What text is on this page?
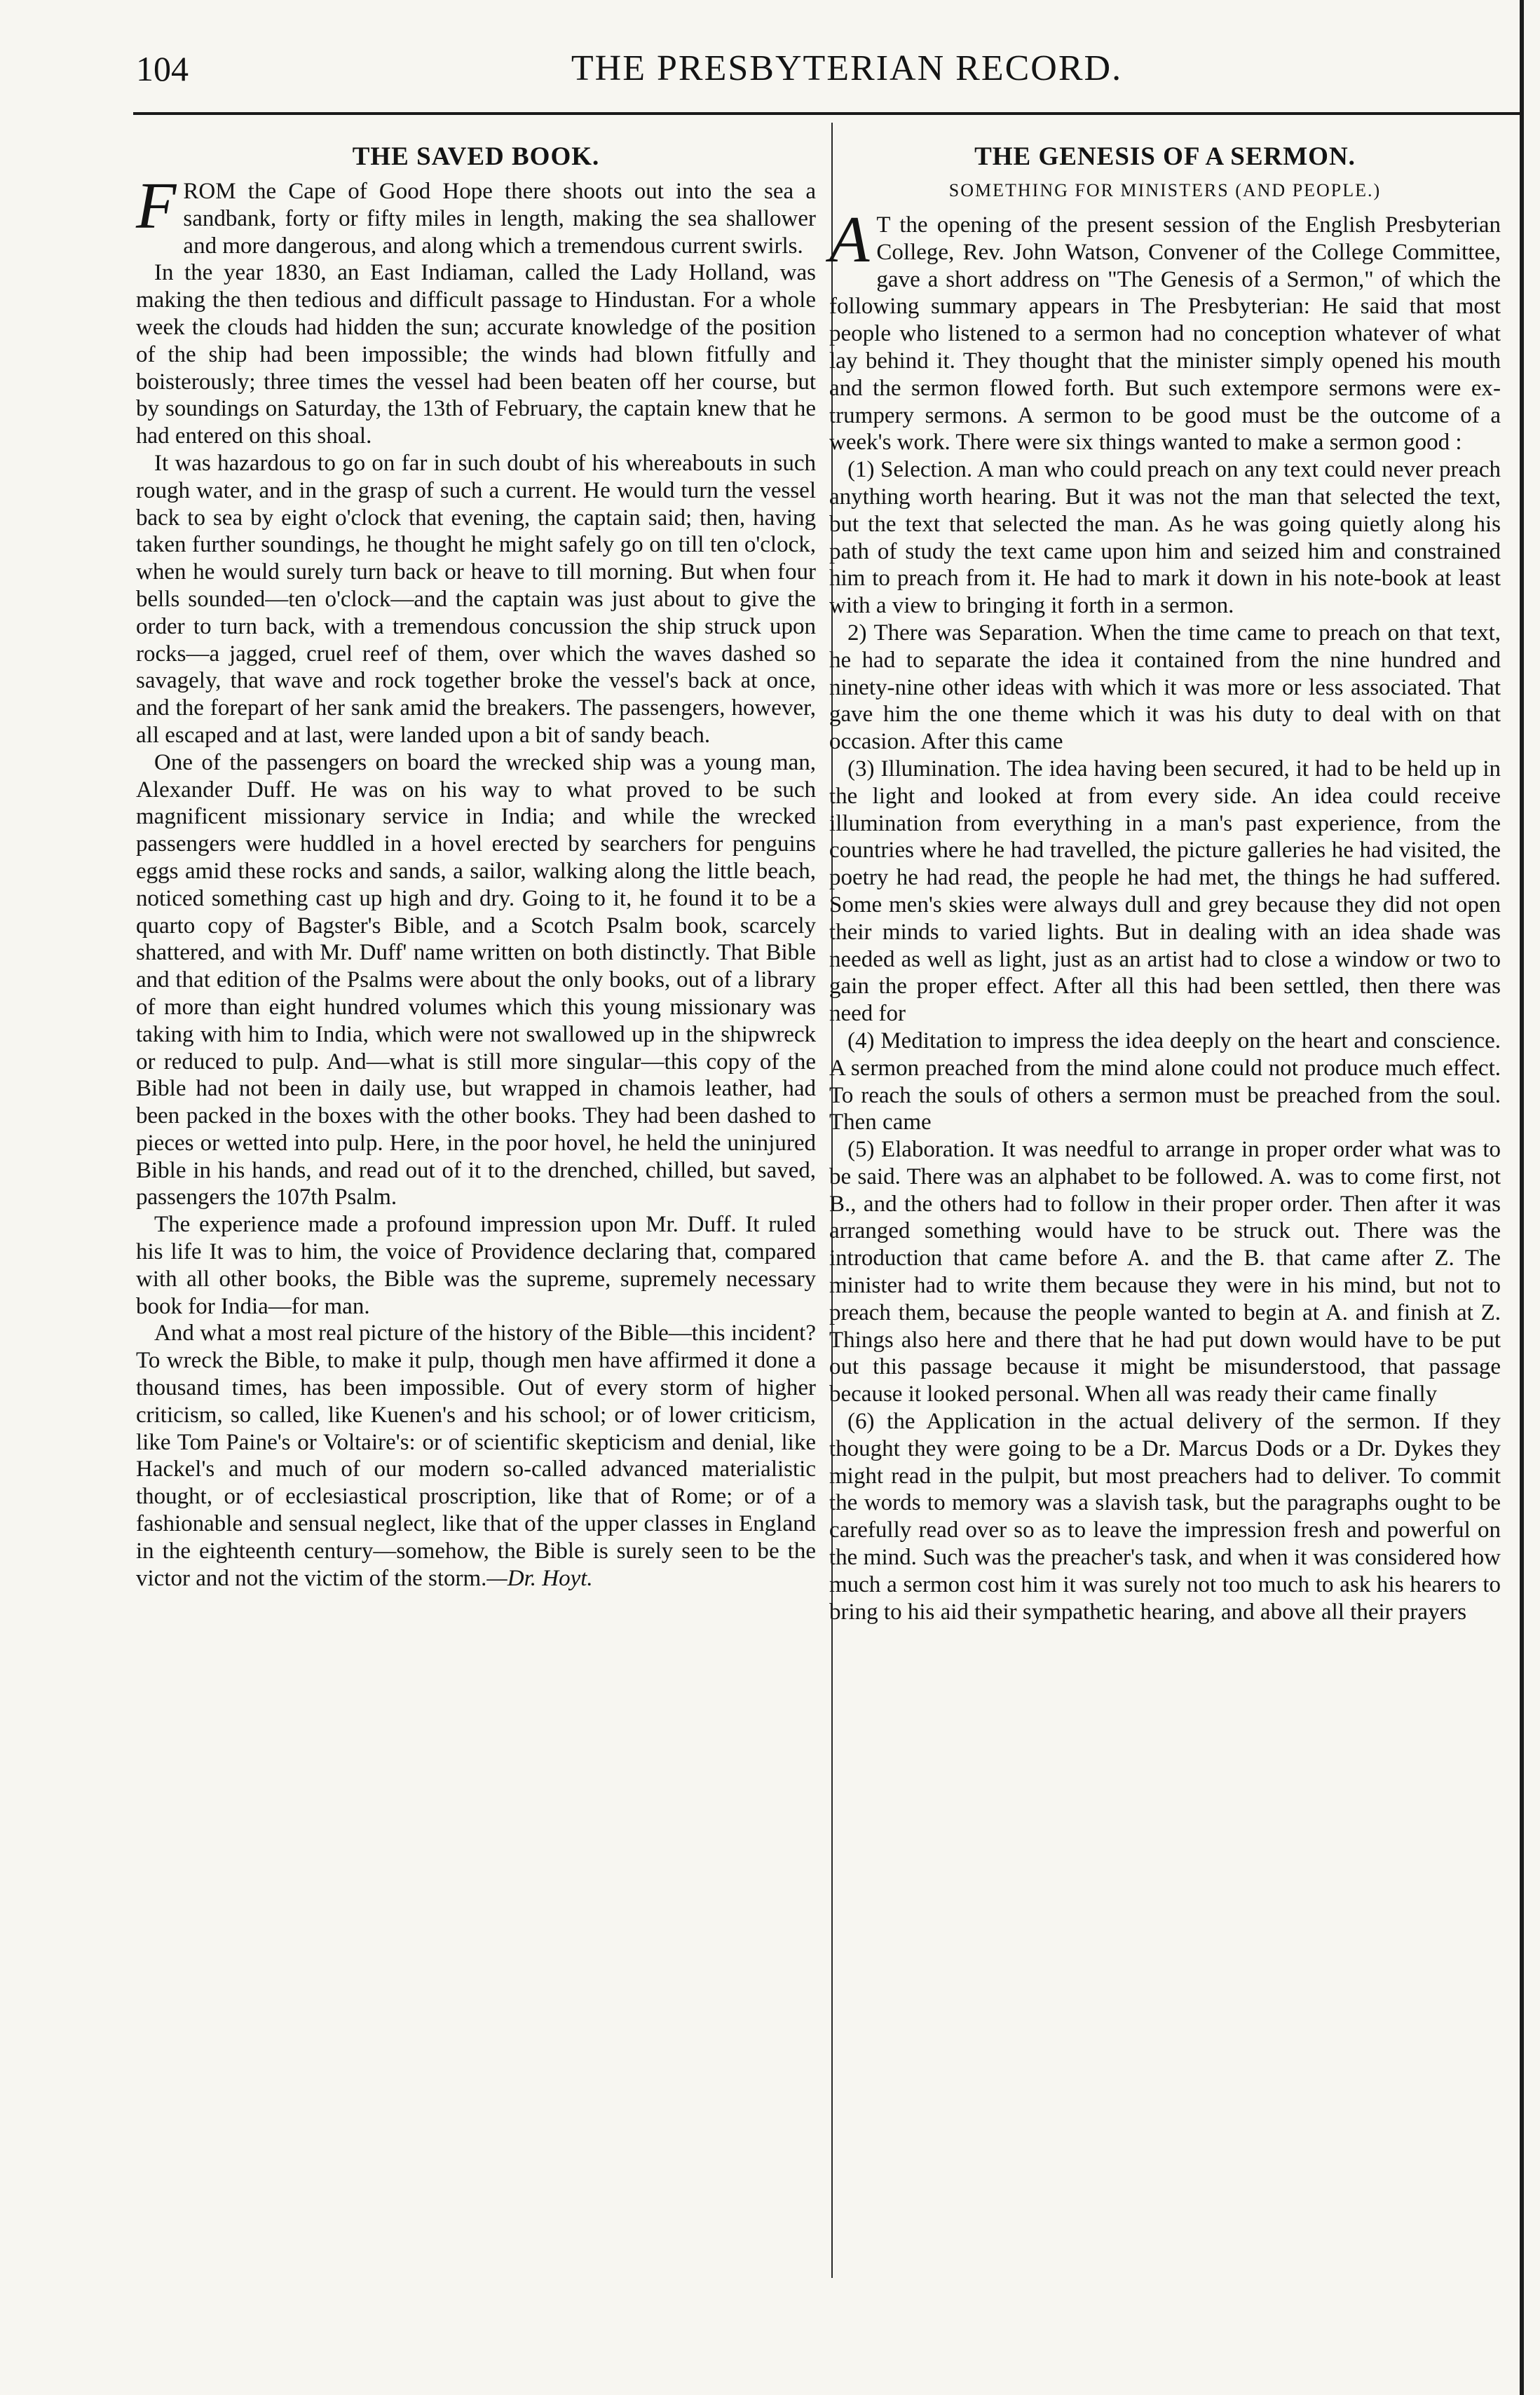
104	THE PRESBYTERIAN RECORD.
THE SAVED BOOK.

FROM the Cape of Good Hope there shoots out into the sea a sandbank, forty or fifty miles in length, making the sea shallower and more dangerous, and along which a tremendous current swirls.

In the year 1830, an East Indiaman, called the Lady Holland, was making the then tedious and difficult passage to Hindustan. For a whole week the clouds had hidden the sun; accurate knowledge of the position of the ship had been impossible; the winds had blown fitfully and boisterously; three times the vessel had been beaten off her course, but by soundings on Saturday, the 13th of February, the captain knew that he had entered on this shoal.

It was hazardous to go on far in such doubt of his whereabouts in such rough water, and in the grasp of such a current. He would turn the vessel back to sea by eight o'clock that evening, the captain said; then, having taken further soundings, he thought he might safely go on till ten o'clock, when he would surely turn back or heave to till morning. But when four bells sounded—ten o'clock—and the captain was just about to give the order to turn back, with a tremendous concussion the ship struck upon rocks—a jagged, cruel reef of them, over which the waves dashed so savagely, that wave and rock together broke the vessel's back at once, and the forepart of her sank amid the breakers. The passengers, however, all escaped and at last, were landed upon a bit of sandy beach.

One of the passengers on board the wrecked ship was a young man, Alexander Duff. He was on his way to what proved to be such magnificent missionary service in India; and while the wrecked passengers were huddled in a hovel erected by searchers for penguins eggs amid these rocks and sands, a sailor, walking along the little beach, noticed something cast up high and dry. Going to it, he found it to be a quarto copy of Bagster's Bible, and a Scotch Psalm book, scarcely shattered, and with Mr. Duff' name written on both distinctly. That Bible and that edition of the Psalms were about the only books, out of a library of more than eight hundred volumes which this young missionary was taking with him to India, which were not swallowed up in the shipwreck or reduced to pulp. And—what is still more singular—this copy of the Bible had not been in daily use, but wrapped in chamois leather, had been packed in the boxes with the other books. They had been dashed to pieces or wetted into pulp. Here, in the poor hovel, he held the uninjured Bible in his hands, and read out of it to the drenched, chilled, but saved, passengers the 107th Psalm.

The experience made a profound impression upon Mr. Duff. It ruled his life It was to him, the voice of Providence declaring that, compared with all other books, the Bible was the supreme, supremely necessary book for India—for man.

And what a most real picture of the history of the Bible—this incident? To wreck the Bible, to make it pulp, though men have affirmed it done a thousand times, has been impossible. Out of every storm of higher criticism, so called, like Kuenen's and his school; or of lower criticism, like Tom Paine's or Voltaire's: or of scientific skepticism and denial, like Hackel's and much of our modern so-called advanced materialistic thought, or of ecclesiastical proscription, like that of Rome; or of a fashionable and sensual neglect, like that of the upper classes in England in the eighteenth century—somehow, the Bible is surely seen to be the victor and not the victim of the storm.—Dr. Hoyt.

THE GENESIS OF A SERMON.
SOMETHING FOR MINISTERS (AND PEOPLE.)

A T the opening of the present session of the English Presbyterian College, Rev. John Watson, Convener of the College Committee, gave a short address on "The Genesis of a Sermon," of which the following summary appears in The Presbyterian: He said that most people who listened to a sermon had no conception whatever of what lay behind it. They thought that the minister simply opened his mouth and the sermon flowed forth. But such extempore sermons were ex-trumpery sermons. A sermon to be good must be the outcome of a week's work. There were six things wanted to make a sermon good :

(1) Selection. A man who could preach on any text could never preach anything worth hearing. But it was not the man that selected the text, but the text that selected the man. As he was going quietly along his path of study the text came upon him and seized him and constrained him to preach from it. He had to mark it down in his note-book at least with a view to bringing it forth in a sermon.

2) There was Separation. When the time came to preach on that text, he had to separate the idea it contained from the nine hundred and ninety-nine other ideas with which it was more or less associated. That gave him the one theme which it was his duty to deal with on that occasion. After this came

(3) Illumination. The idea having been secured, it had to be held up in the light and looked at from every side. An idea could receive illumination from everything in a man's past experience, from the countries where he had travelled, the picture galleries he had visited, the poetry he had read, the people he had met, the things he had suffered. Some men's skies were always dull and grey because they did not open their minds to varied lights. But in dealing with an idea shade was needed as well as light, just as an artist had to close a window or two to gain the proper effect. After all this had been settled, then there was need for

(4) Meditation to impress the idea deeply on the heart and conscience. A sermon preached from the mind alone could not produce much effect. To reach the souls of others a sermon must be preached from the soul. Then came

(5) Elaboration. It was needful to arrange in proper order what was to be said. There was an alphabet to be followed. A. was to come first, not B., and the others had to follow in their proper order. Then after it was arranged something would have to be struck out. There was the introduction that came before A. and the B. that came after Z. The minister had to write them because they were in his mind, but not to preach them, because the people wanted to begin at A. and finish at Z. Things also here and there that he had put down would have to be put out this passage because it might be misunderstood, that passage because it looked personal. When all was ready their came finally

(6) the Application in the actual delivery of the sermon. If they thought they were going to be a Dr. Marcus Dods or a Dr. Dykes they might read in the pulpit, but most preachers had to deliver. To commit the words to memory was a slavish task, but the paragraphs ought to be carefully read over so as to leave the impression fresh and powerful on the mind. Such was the preacher's task, and when it was considered how much a sermon cost him it was surely not too much to ask his hearers to bring to his aid their sympathetic hearing, and above all their prayers
